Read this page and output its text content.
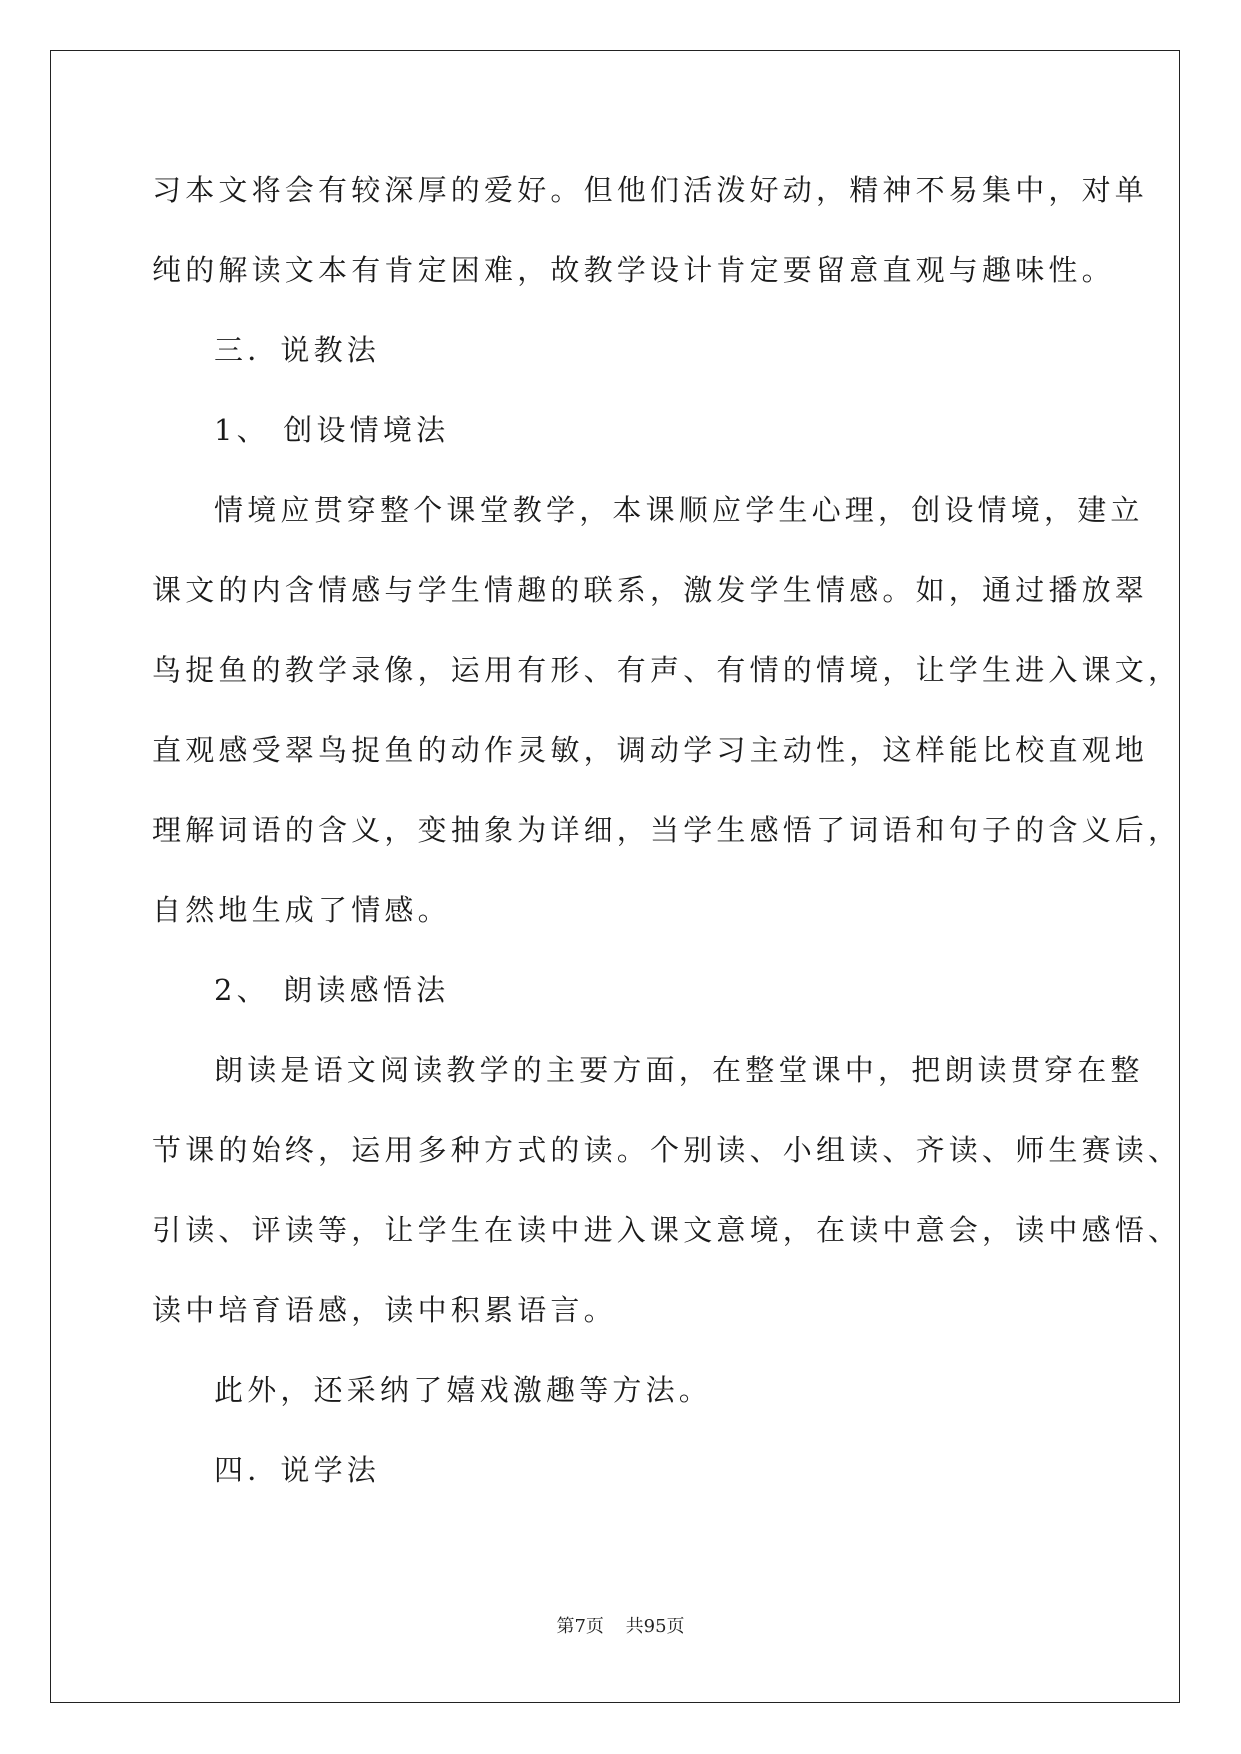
习本文将会有较深厚的爱好。但他们活泼好动，精神不易集中，对单
纯的解读文本有肯定困难，故教学设计肯定要留意直观与趣味性。
三．说教法
1、 创设情境法
情境应贯穿整个课堂教学，本课顺应学生心理，创设情境，建立
课文的内含情感与学生情趣的联系，激发学生情感。如，通过播放翠
鸟捉鱼的教学录像，运用有形、有声、有情的情境，让学生进入课文，
直观感受翠鸟捉鱼的动作灵敏，调动学习主动性，这样能比校直观地
理解词语的含义，变抽象为详细，当学生感悟了词语和句子的含义后，
自然地生成了情感。
2、 朗读感悟法
朗读是语文阅读教学的主要方面，在整堂课中，把朗读贯穿在整
节课的始终，运用多种方式的读。个别读、小组读、齐读、师生赛读、
引读、评读等，让学生在读中进入课文意境，在读中意会，读中感悟、
读中培育语感，读中积累语言。
此外，还采纳了嬉戏激趣等方法。
四．说学法
第7页 共95页
